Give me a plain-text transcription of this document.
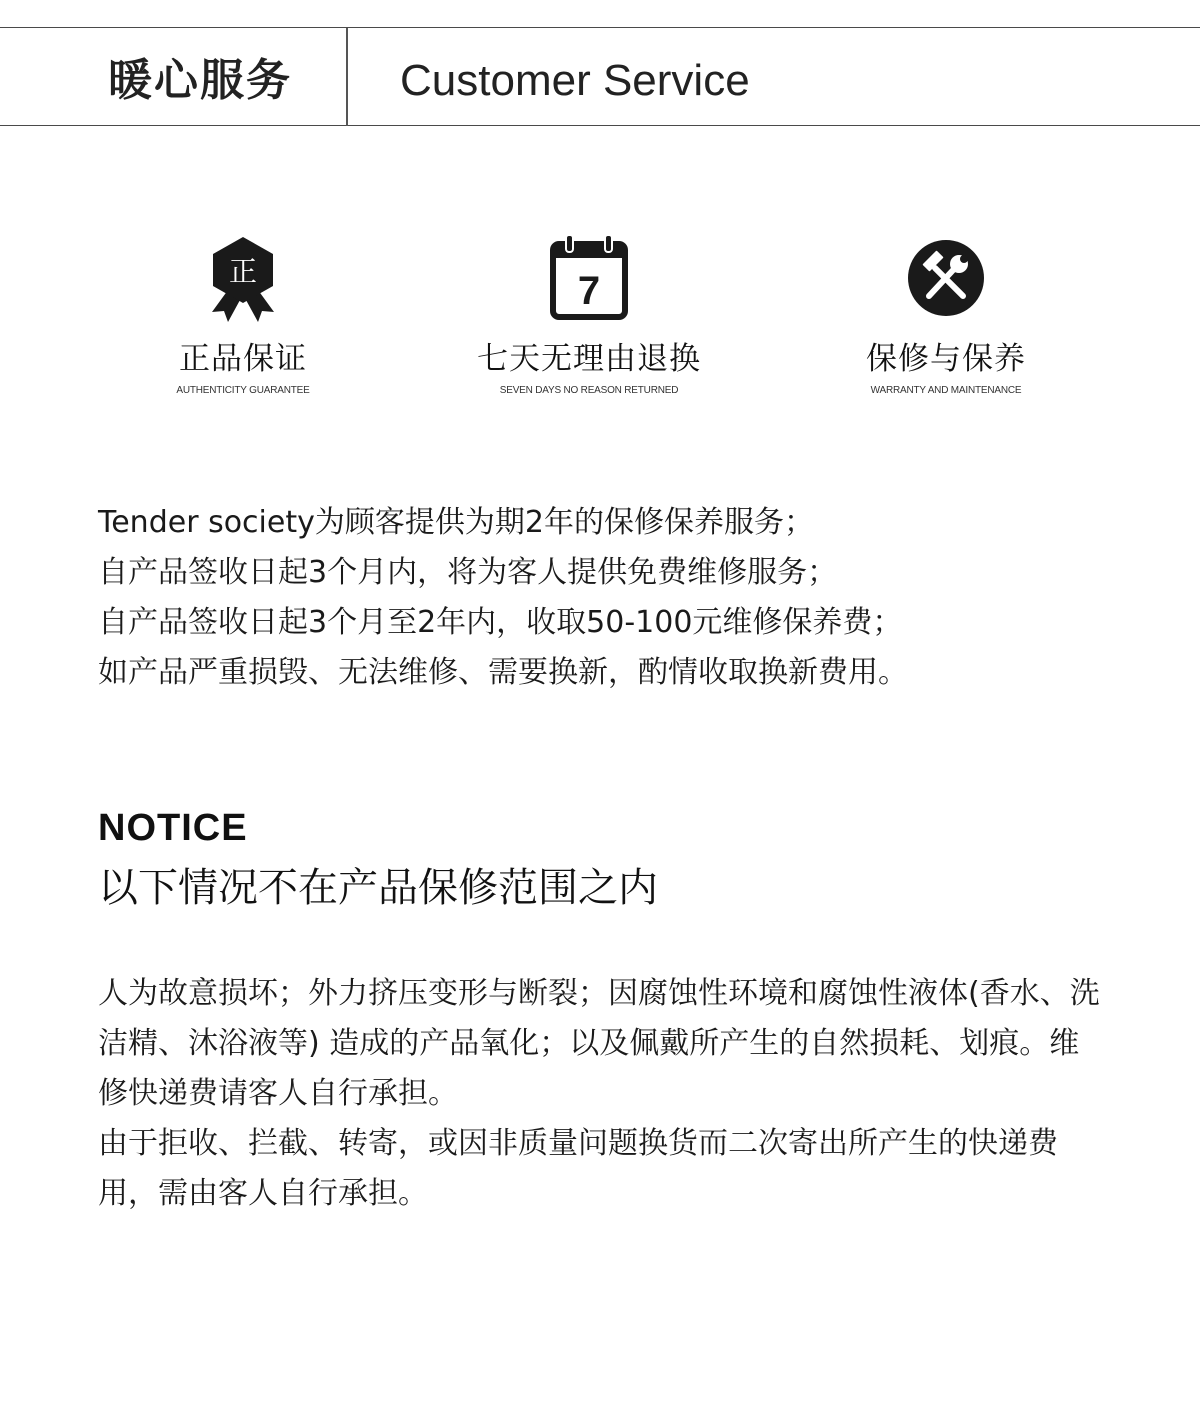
暖心服务 Customer Service
正
正品保证
AUTHENTICITY GUARANTEE
7
七天无理由退换
SEVEN DAYS NO REASON RETURNED
保修与保养
WARRANTY AND MAINTENANCE

Tender society为顾客提供为期2年的保修保养服务；

自产品签收日起3个月内，将为客人提供免费维修服务；

自产品签收日起3个月至2年内，收取50-100元维修保养费；

如产品严重损毁、无法维修、需要换新，酌情收取换新费用。

NOTICE
以下情况不在产品保修范围之内

人为故意损坏；外力挤压变形与断裂；因腐蚀性环境和腐蚀性液体(香水、洗洁精、沐浴液等) 造成的产品氧化；以及佩戴所产生的自然损耗、划痕。维修快递费请客人自行承担。

由于拒收、拦截、转寄，或因非质量问题换货而二次寄出所产生的快递费用，需由客人自行承担。
